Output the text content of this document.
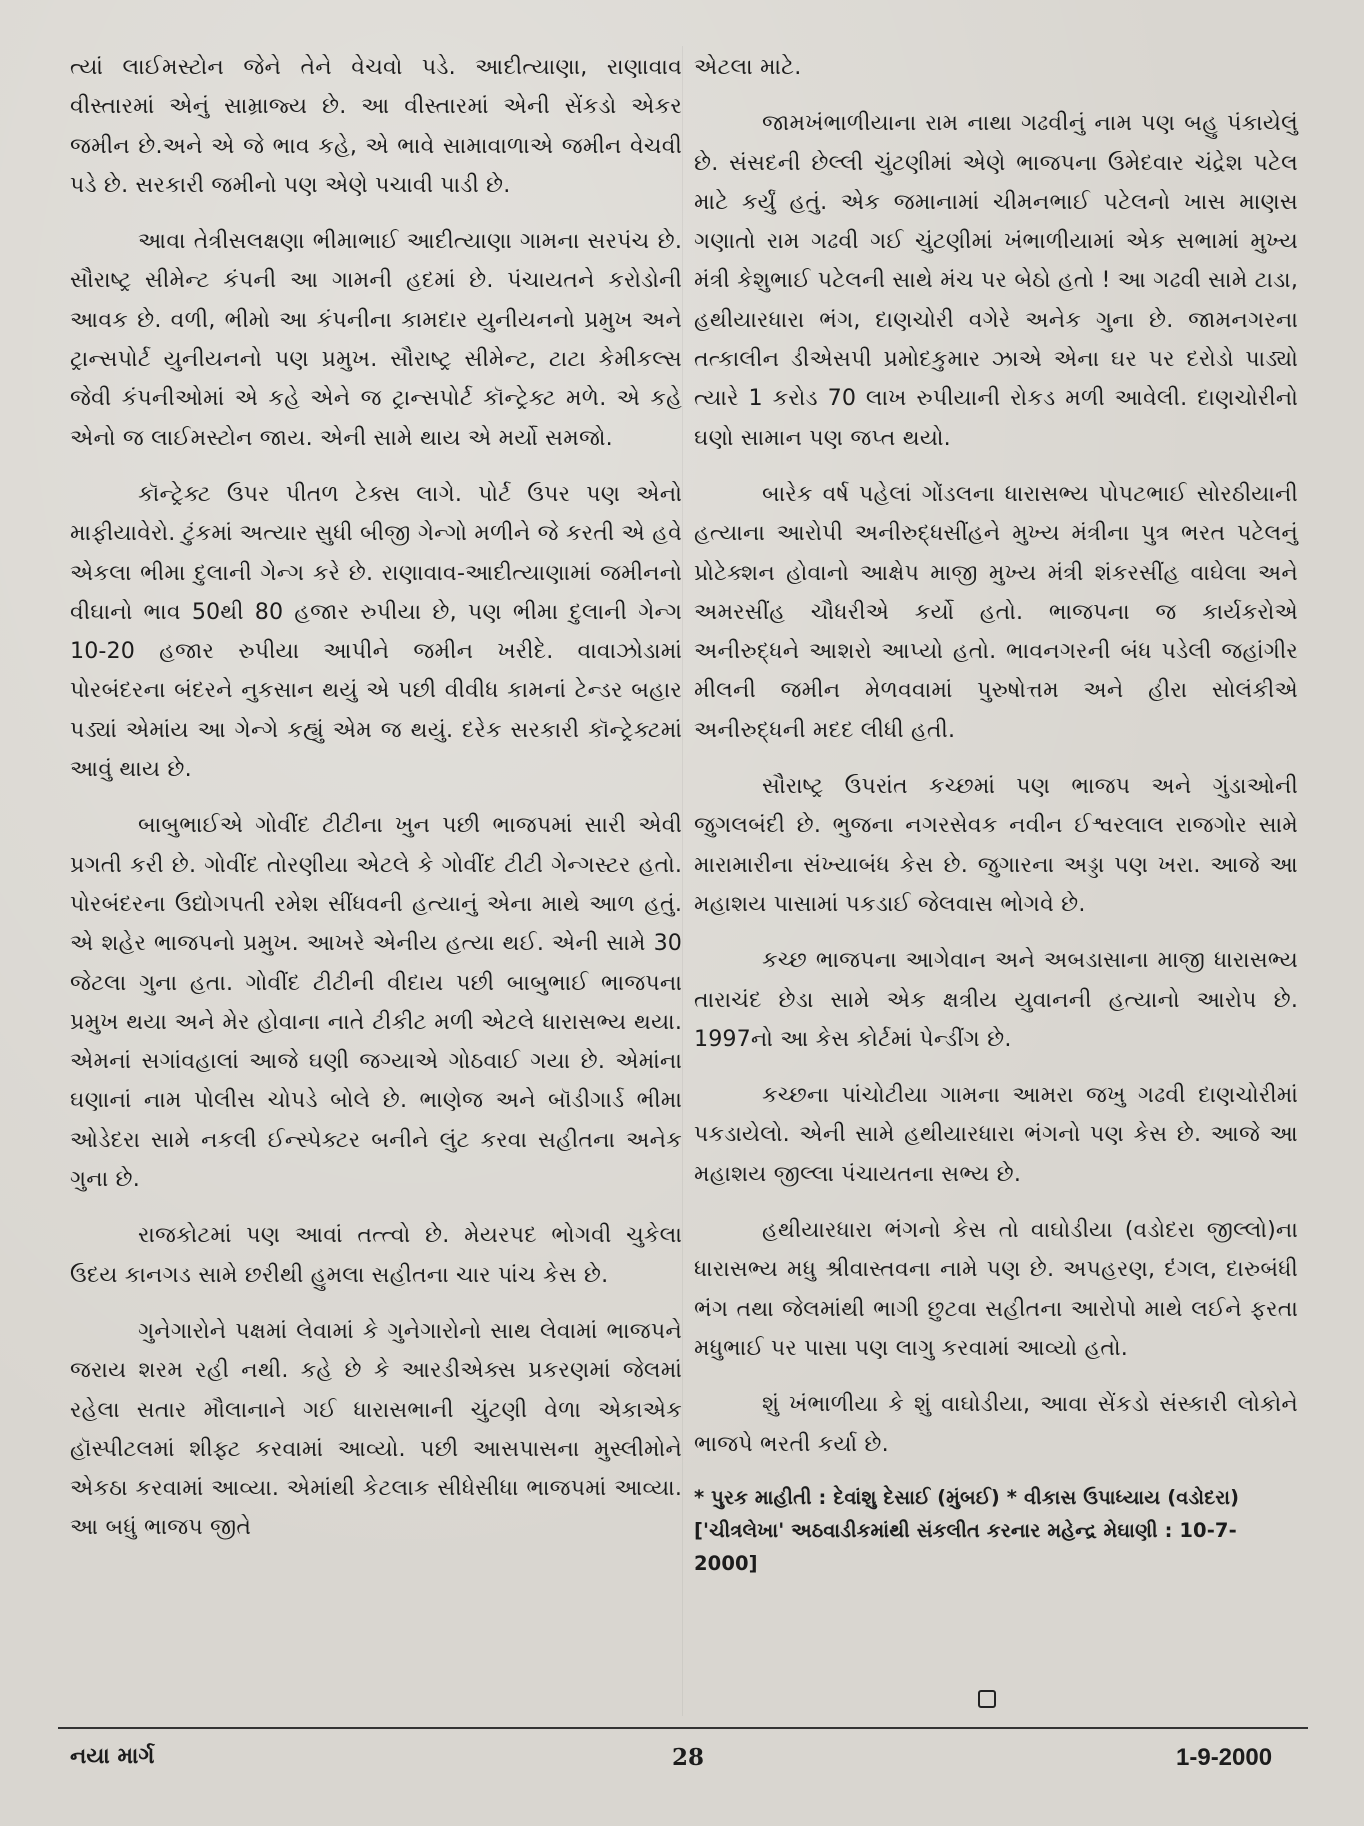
ત્યાં લાઈમસ્ટોન જેને તેને વેચવો પડે. આદીત્યાણા, રાણાવાવ વીસ્તારમાં એનું સામ્રાજ્ય છે. આ વીસ્તારમાં એની સેંકડો એકર જમીન છે.અને એ જે ભાવ કહે, એ ભાવે સામાવાળાએ જમીન વેચવી પડે છે. સરકારી જમીનો પણ એણે પચાવી પાડી છે.

આવા તેત્રીસલક્ષણા ભીમાભાઈ આદીત્યાણા ગામના સરપંચ છે. સૌરાષ્ટ્ર સીમેન્ટ કંપની આ ગામની હદમાં છે. પંચાયતને કરોડોની આવક છે. વળી, ભીમો આ કંપનીના કામદાર યુનીયનનો પ્રમુખ અને ટ્રાન્સપોર્ટ યુનીયનનો પણ પ્રમુખ. સૌરાષ્ટ્ર સીમેન્ટ, ટાટા કેમીકલ્સ જેવી કંપનીઓમાં એ કહે એને જ ટ્રાન્સપોર્ટ કૉન્ટ્રેક્ટ મળે. એ કહે એનો જ લાઈમસ્ટોન જાય. એની સામે થાય એ મર્યો સમજો.

કૉન્ટ્રેક્ટ ઉપર પીતળ ટેક્સ લાગે. પોર્ટ ઉપર પણ એનો માફીયાવેરો. ટુંકમાં અત્યાર સુધી બીજી ગેન્ગો મળીને જે કરતી એ હવે એકલા ભીમા દુલાની ગેન્ગ કરે છે. રાણાવાવ-આદીત્યાણામાં જમીનનો વીઘાનો ભાવ 50થી 80 હજાર રુપીયા છે, પણ ભીમા દુલાની ગેન્ગ 10-20 હજાર રુપીયા આપીને જમીન ખરીદે. વાવાઝોડામાં પોરબંદરના બંદરને નુકસાન થયું એ પછી વીવીધ કામનાં ટેન્ડર બહાર પડ્યાં એમાંય આ ગેન્ગે કહ્યું એમ જ થયું. દરેક સરકારી કૉન્ટ્રેક્ટમાં આવું થાય છે.

બાબુભાઈએ ગોવીંદ ટીટીના ખુન પછી ભાજપમાં સારી એવી પ્રગતી કરી છે. ગોવીંદ તોરણીયા એટલે કે ગોવીંદ ટીટી ગેન્ગસ્ટર હતો. પોરબંદરના ઉદ્યોગપતી રમેશ સીંધવની હત્યાનું એના માથે આળ હતું. એ શહેર ભાજપનો પ્રમુખ. આખરે એનીય હત્યા થઈ. એની સામે 30 જેટલા ગુના હતા. ગોવીંદ ટીટીની વીદાય પછી બાબુભાઈ ભાજપના પ્રમુખ થયા અને મેર હોવાના નાતે ટીકીટ મળી એટલે ધારાસભ્ય થયા. એમનાં સગાંવહાલાં આજે ઘણી જગ્યાએ ગોઠવાઈ ગયા છે. એમાંના ઘણાનાં નામ પોલીસ ચોપડે બોલે છે. ભાણેજ અને બૉડીગાર્ડ ભીમા ઓડેદરા સામે નકલી ઈન્સ્પેક્ટર બનીને લુંટ કરવા સહીતના અનેક ગુના છે.

રાજકોટમાં પણ આવાં તત્ત્વો છે. મેયરપદ ભોગવી ચુકેલા ઉદય કાનગડ સામે છરીથી હુમલા સહીતના ચાર પાંચ કેસ છે.

ગુનેગારોને પક્ષમાં લેવામાં કે ગુનેગારોનો સાથ લેવામાં ભાજપને જરાય શરમ રહી નથી. કહે છે કે આરડીએક્સ પ્રકરણમાં જેલમાં રહેલા સતાર મૌલાનાને ગઈ ધારાસભાની ચુંટણી વેળા એકાએક હૉસ્પીટલમાં શીફ્ટ કરવામાં આવ્યો. પછી આસપાસના મુસ્લીમોને એકઠા કરવામાં આવ્યા. એમાંથી કેટલાક સીધેસીધા ભાજપમાં આવ્યા. આ બધું ભાજપ જીતે

એટલા માટે.

જામખંભાળીયાના રામ નાથા ગઢવીનું નામ પણ બહુ પંકાયેલું છે. સંસદની છેલ્લી ચુંટણીમાં એણે ભાજપના ઉમેદવાર ચંદ્રેશ પટેલ માટે કર્યું હતું. એક જમાનામાં ચીમનભાઈ પટેલનો ખાસ માણસ ગણાતો રામ ગઢવી ગઈ ચુંટણીમાં ખંભાળીયામાં એક સભામાં મુખ્ય મંત્રી કેશુભાઈ પટેલની સાથે મંચ પર બેઠો હતો ! આ ગઢવી સામે ટાડા, હથીયારધારા ભંગ, દાણચોરી વગેરે અનેક ગુના છે. જામનગરના તત્કાલીન ડીએસપી પ્રમોદકુમાર ઝાએ એના ઘર પર દરોડો પાડ્યો ત્યારે 1 કરોડ 70 લાખ રુપીયાની રોકડ મળી આવેલી. દાણચોરીનો ઘણો સામાન પણ જપ્ત થયો.

બારેક વર્ષ પહેલાં ગોંડલના ધારાસભ્ય પોપટભાઈ સોરઠીયાની હત્યાના આરોપી અનીરુદ્ધસીંહને મુખ્ય મંત્રીના પુત્ર ભરત પટેલનું પ્રોટેક્શન હોવાનો આક્ષેપ માજી મુખ્ય મંત્રી શંકરસીંહ વાઘેલા અને અમરસીંહ ચૌધરીએ કર્યો હતો. ભાજપના જ કાર્યકરોએ અનીરુદ્ધને આશરો આપ્યો હતો. ભાવનગરની બંધ પડેલી જહાંગીર મીલની જમીન મેળવવામાં પુરુષોત્તમ અને હીરા સોલંકીએ અનીરુદ્ધની મદદ લીધી હતી.

સૌરાષ્ટ્ર ઉપરાંત કચ્છમાં પણ ભાજપ અને ગુંડાઓની જુગલબંદી છે. ભુજના નગરસેવક નવીન ઈશ્વરલાલ રાજગોર સામે મારામારીના સંખ્યાબંધ કેસ છે. જુગારના અડ્ડા પણ ખરા. આજે આ મહાશય પાસામાં પકડાઈ જેલવાસ ભોગવે છે.

કચ્છ ભાજપના આગેવાન અને અબડાસાના માજી ધારાસભ્ય તારાચંદ છેડા સામે એક ક્ષત્રીય યુવાનની હત્યાનો આરોપ છે. 1997નો આ કેસ કોર્ટમાં પેન્ડીંગ છે.

કચ્છના પાંચોટીયા ગામના આમરા જખુ ગઢવી દાણચોરીમાં પકડાયેલો. એની સામે હથીયારધારા ભંગનો પણ કેસ છે. આજે આ મહાશય જીલ્લા પંચાયતના સભ્ય છે.

હથીયારધારા ભંગનો કેસ તો વાઘોડીયા (વડોદરા જીલ્લો)ના ધારાસભ્ય મધુ શ્રીવાસ્તવના નામે પણ છે. અપહરણ, દંગલ, દારુબંધી ભંગ તથા જેલમાંથી ભાગી છુટવા સહીતના આરોપો માથે લઈને ફરતા મધુભાઈ પર પાસા પણ લાગુ કરવામાં આવ્યો હતો.

શું ખંભાળીયા કે શું વાઘોડીયા, આવા સેંકડો સંસ્કારી લોકોને ભાજપે ભરતી કર્યા છે.

* પુરક માહીતી : દેવાંશુ દેસાઈ (મુંબઈ) * વીકાસ ઉપાધ્યાય (વડોદરા)
['ચીત્રલેખા' અઠવાડીકમાંથી સંકલીત કરનાર મહેન્દ્ર મેઘાણી : 10-7-2000]
નયા માર્ગ	28	1-9-2000
